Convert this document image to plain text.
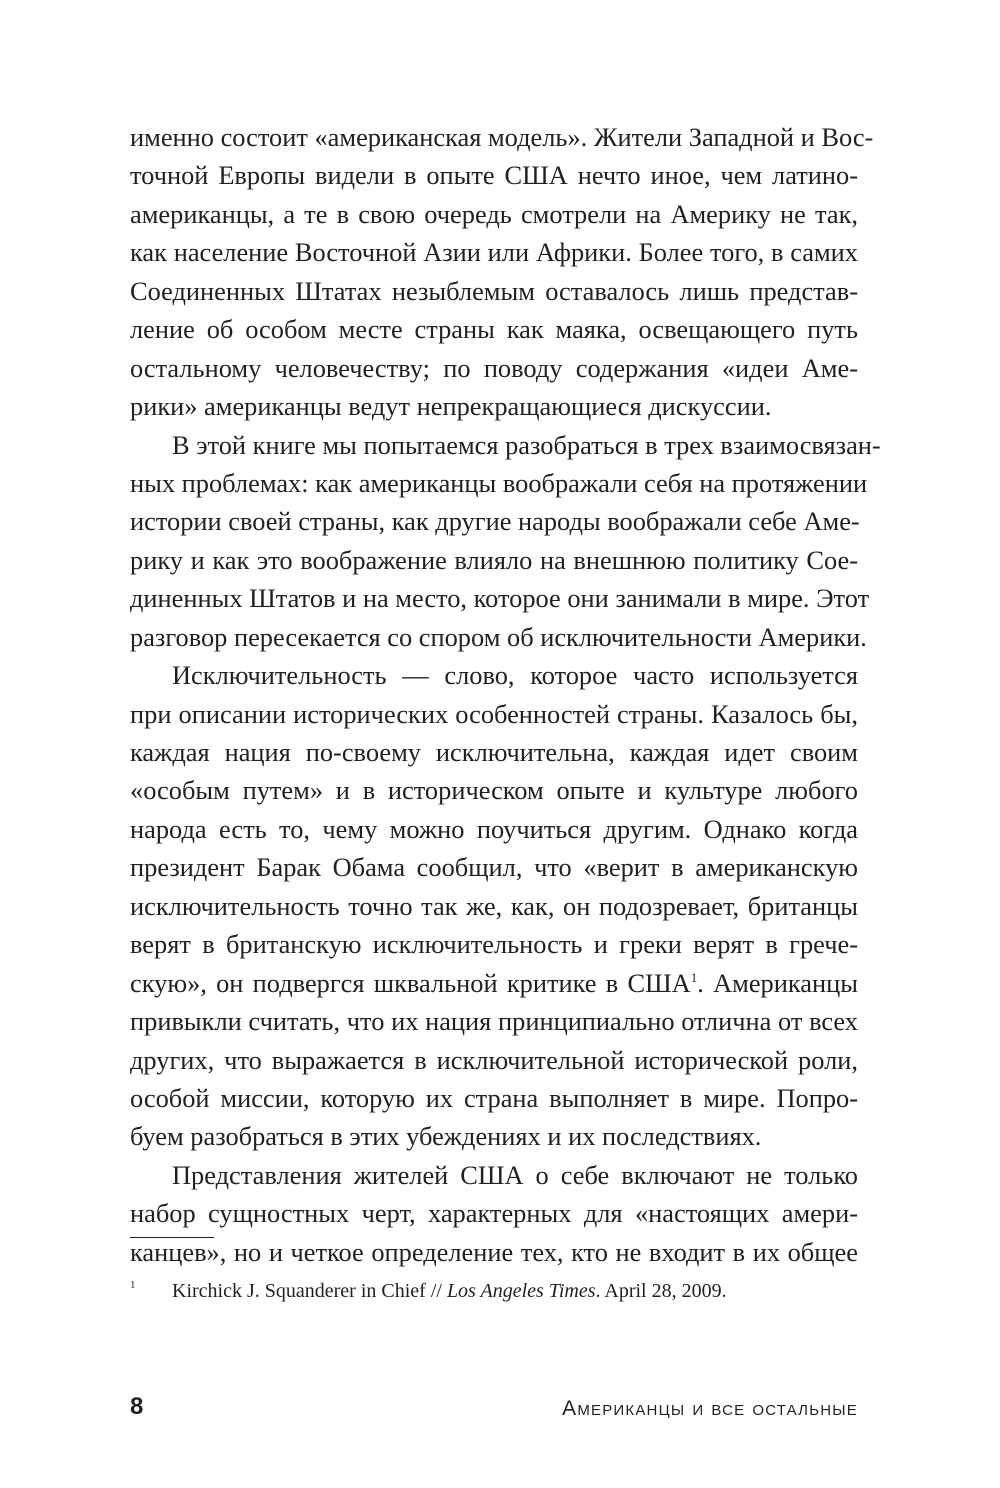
именно состоит «американская модель». Жители Западной и Вос-
точной Европы видели в опыте США нечто иное, чем латино-
американцы, а те в свою очередь смотрели на Америку не так,
как население Восточной Азии или Африки. Более того, в самих
Соединенных Штатах незыблемым оставалось лишь представ-
ление об особом месте страны как маяка, освещающего путь
остальному человечеству; по поводу содержания «идеи Аме-
рики» американцы ведут непрекращающиеся дискуссии.
В этой книге мы попытаемся разобраться в трех взаимосвязан-
ных проблемах: как американцы воображали себя на протяжении
истории своей страны, как другие народы воображали себе Аме-
рику и как это воображение влияло на внешнюю политику Сое-
диненных Штатов и на место, которое они занимали в мире. Этот
разговор пересекается со спором об исключительности Америки.
Исключительность — слово, которое часто используется
при описании исторических особенностей страны. Казалось бы,
каждая нация по-своему исключительна, каждая идет своим
«особым путем» и в историческом опыте и культуре любого
народа есть то, чему можно поучиться другим. Однако когда
президент Барак Обама сообщил, что «верит в американскую
исключительность точно так же, как, он подозревает, британцы
верят в британскую исключительность и греки верят в грече-
скую», он подвергся шквальной критике в США$^1$. Американцы
привыкли считать, что их нация принципиально отлична от всех
других, что выражается в исключительной исторической роли,
особой миссии, которую их страна выполняет в мире. Попро-
буем разобраться в этих убеждениях и их последствиях.
Представления жителей США о себе включают не только
набор сущностных черт, характерных для «настоящих амери-
канцев», но и четкое определение тех, кто не входит в их общее
1 Kirchick J. Squanderer in Chief // Los Angeles Times. April 28, 2009.
8	Американцы и все остальные
